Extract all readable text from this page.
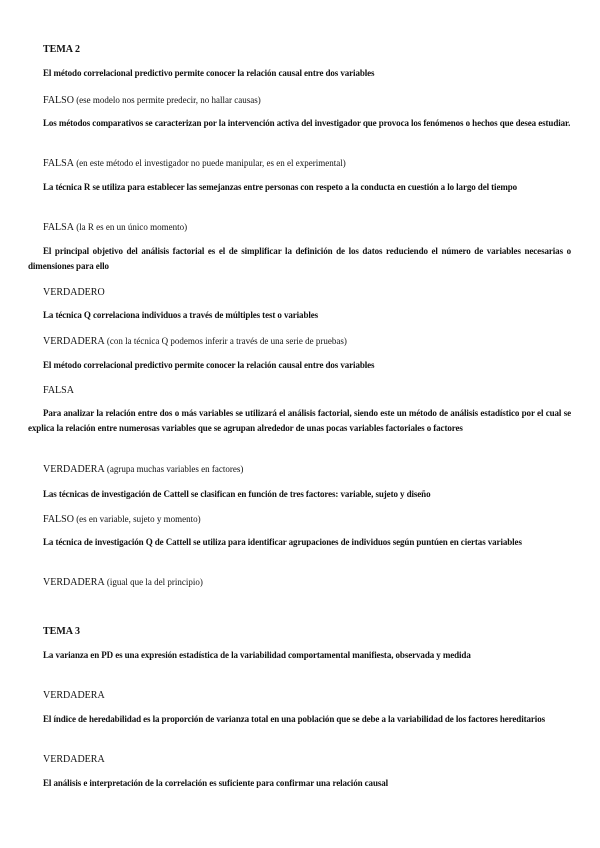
TEMA 2

El método correlacional predictivo permite conocer la relación causal entre dos variables

FALSO (ese modelo nos permite predecir, no hallar causas)

Los métodos comparativos se caracterizan por la intervención activa del investigador que provoca los fenómenos o hechos que desea estudiar.

FALSA (en este método el investigador no puede manipular, es en el experimental)

La técnica R se utiliza para establecer las semejanzas entre personas con respeto a la conducta en cuestión a lo largo del tiempo

FALSA (la R es en un único momento)

El principal objetivo del análisis factorial es el de simplificar la definición de los datos reduciendo el número de variables necesarias o dimensiones para ello

VERDADERO

La técnica Q correlaciona individuos a través de múltiples test o variables

VERDADERA (con la técnica Q podemos inferir a través de una serie de pruebas)

El método correlacional predictivo permite conocer la relación causal entre dos variables

FALSA

Para analizar la relación entre dos o más variables se utilizará el análisis factorial, siendo este un método de análisis estadístico por el cual se explica la relación entre numerosas variables que se agrupan alrededor de unas pocas variables factoriales o factores

VERDADERA (agrupa muchas variables en factores)

Las técnicas de investigación de Cattell se clasifican en función de tres factores: variable, sujeto y diseño

FALSO (es en variable, sujeto y momento)

La técnica de investigación Q de Cattell se utiliza para identificar agrupaciones de individuos según puntúen en ciertas variables

VERDADERA (igual que la del principio)

TEMA 3

La varianza en PD es una expresión estadística de la variabilidad comportamental manifiesta, observada y medida

VERDADERA

El índice de heredabilidad es la proporción de varianza total en una población que se debe a la variabilidad de los factores hereditarios

VERDADERA

El análisis e interpretación de la correlación es suficiente para confirmar una relación causal
